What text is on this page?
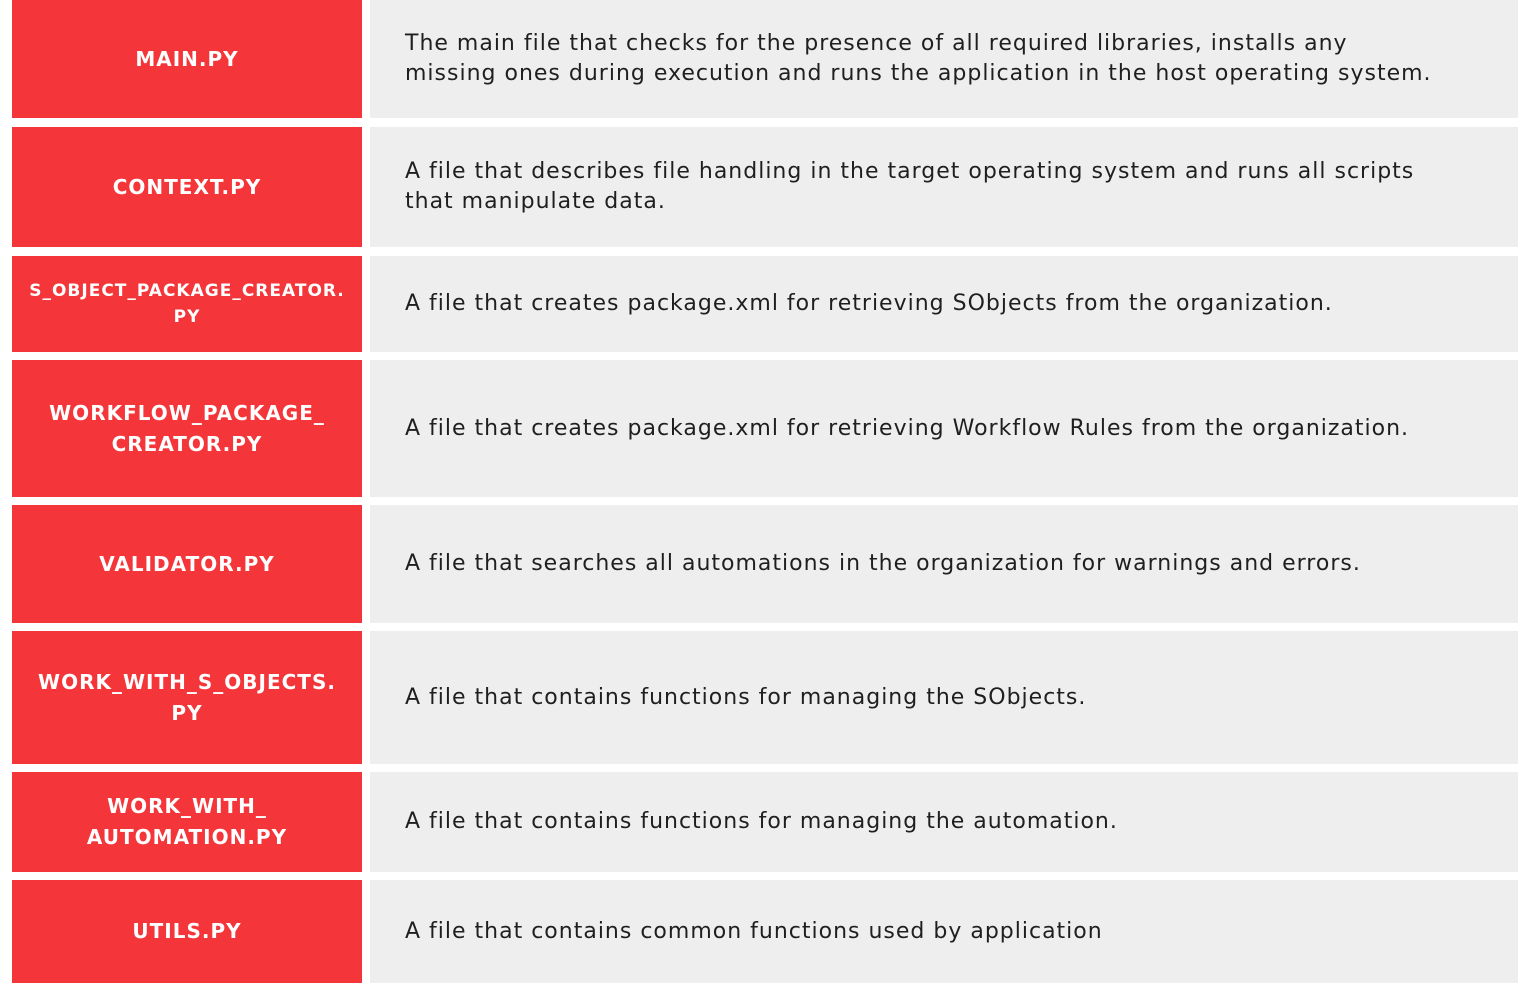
MAIN.PY
The main file that checks for the presence of all required libraries, installs any
missing ones during execution and runs the application in the host operating system.
CONTEXT.PY
A file that describes file handling in the target operating system and runs all scripts
that manipulate data.
S_OBJECT_PACKAGE_CREATOR.
PY
A file that creates package.xml for retrieving SObjects from the organization.
WORKFLOW_PACKAGE_
CREATOR.PY
A file that creates package.xml for retrieving Workflow Rules from the organization.
VALIDATOR.PY	A file that searches all automations in the organization for warnings and errors.
WORK_WITH_S_OBJECTS.
PY
A file that contains functions for managing the SObjects.
WORK_WITH_
AUTOMATION.PY
A file that contains functions for managing the automation.
UTILS.PY	A file that contains common functions used by application
